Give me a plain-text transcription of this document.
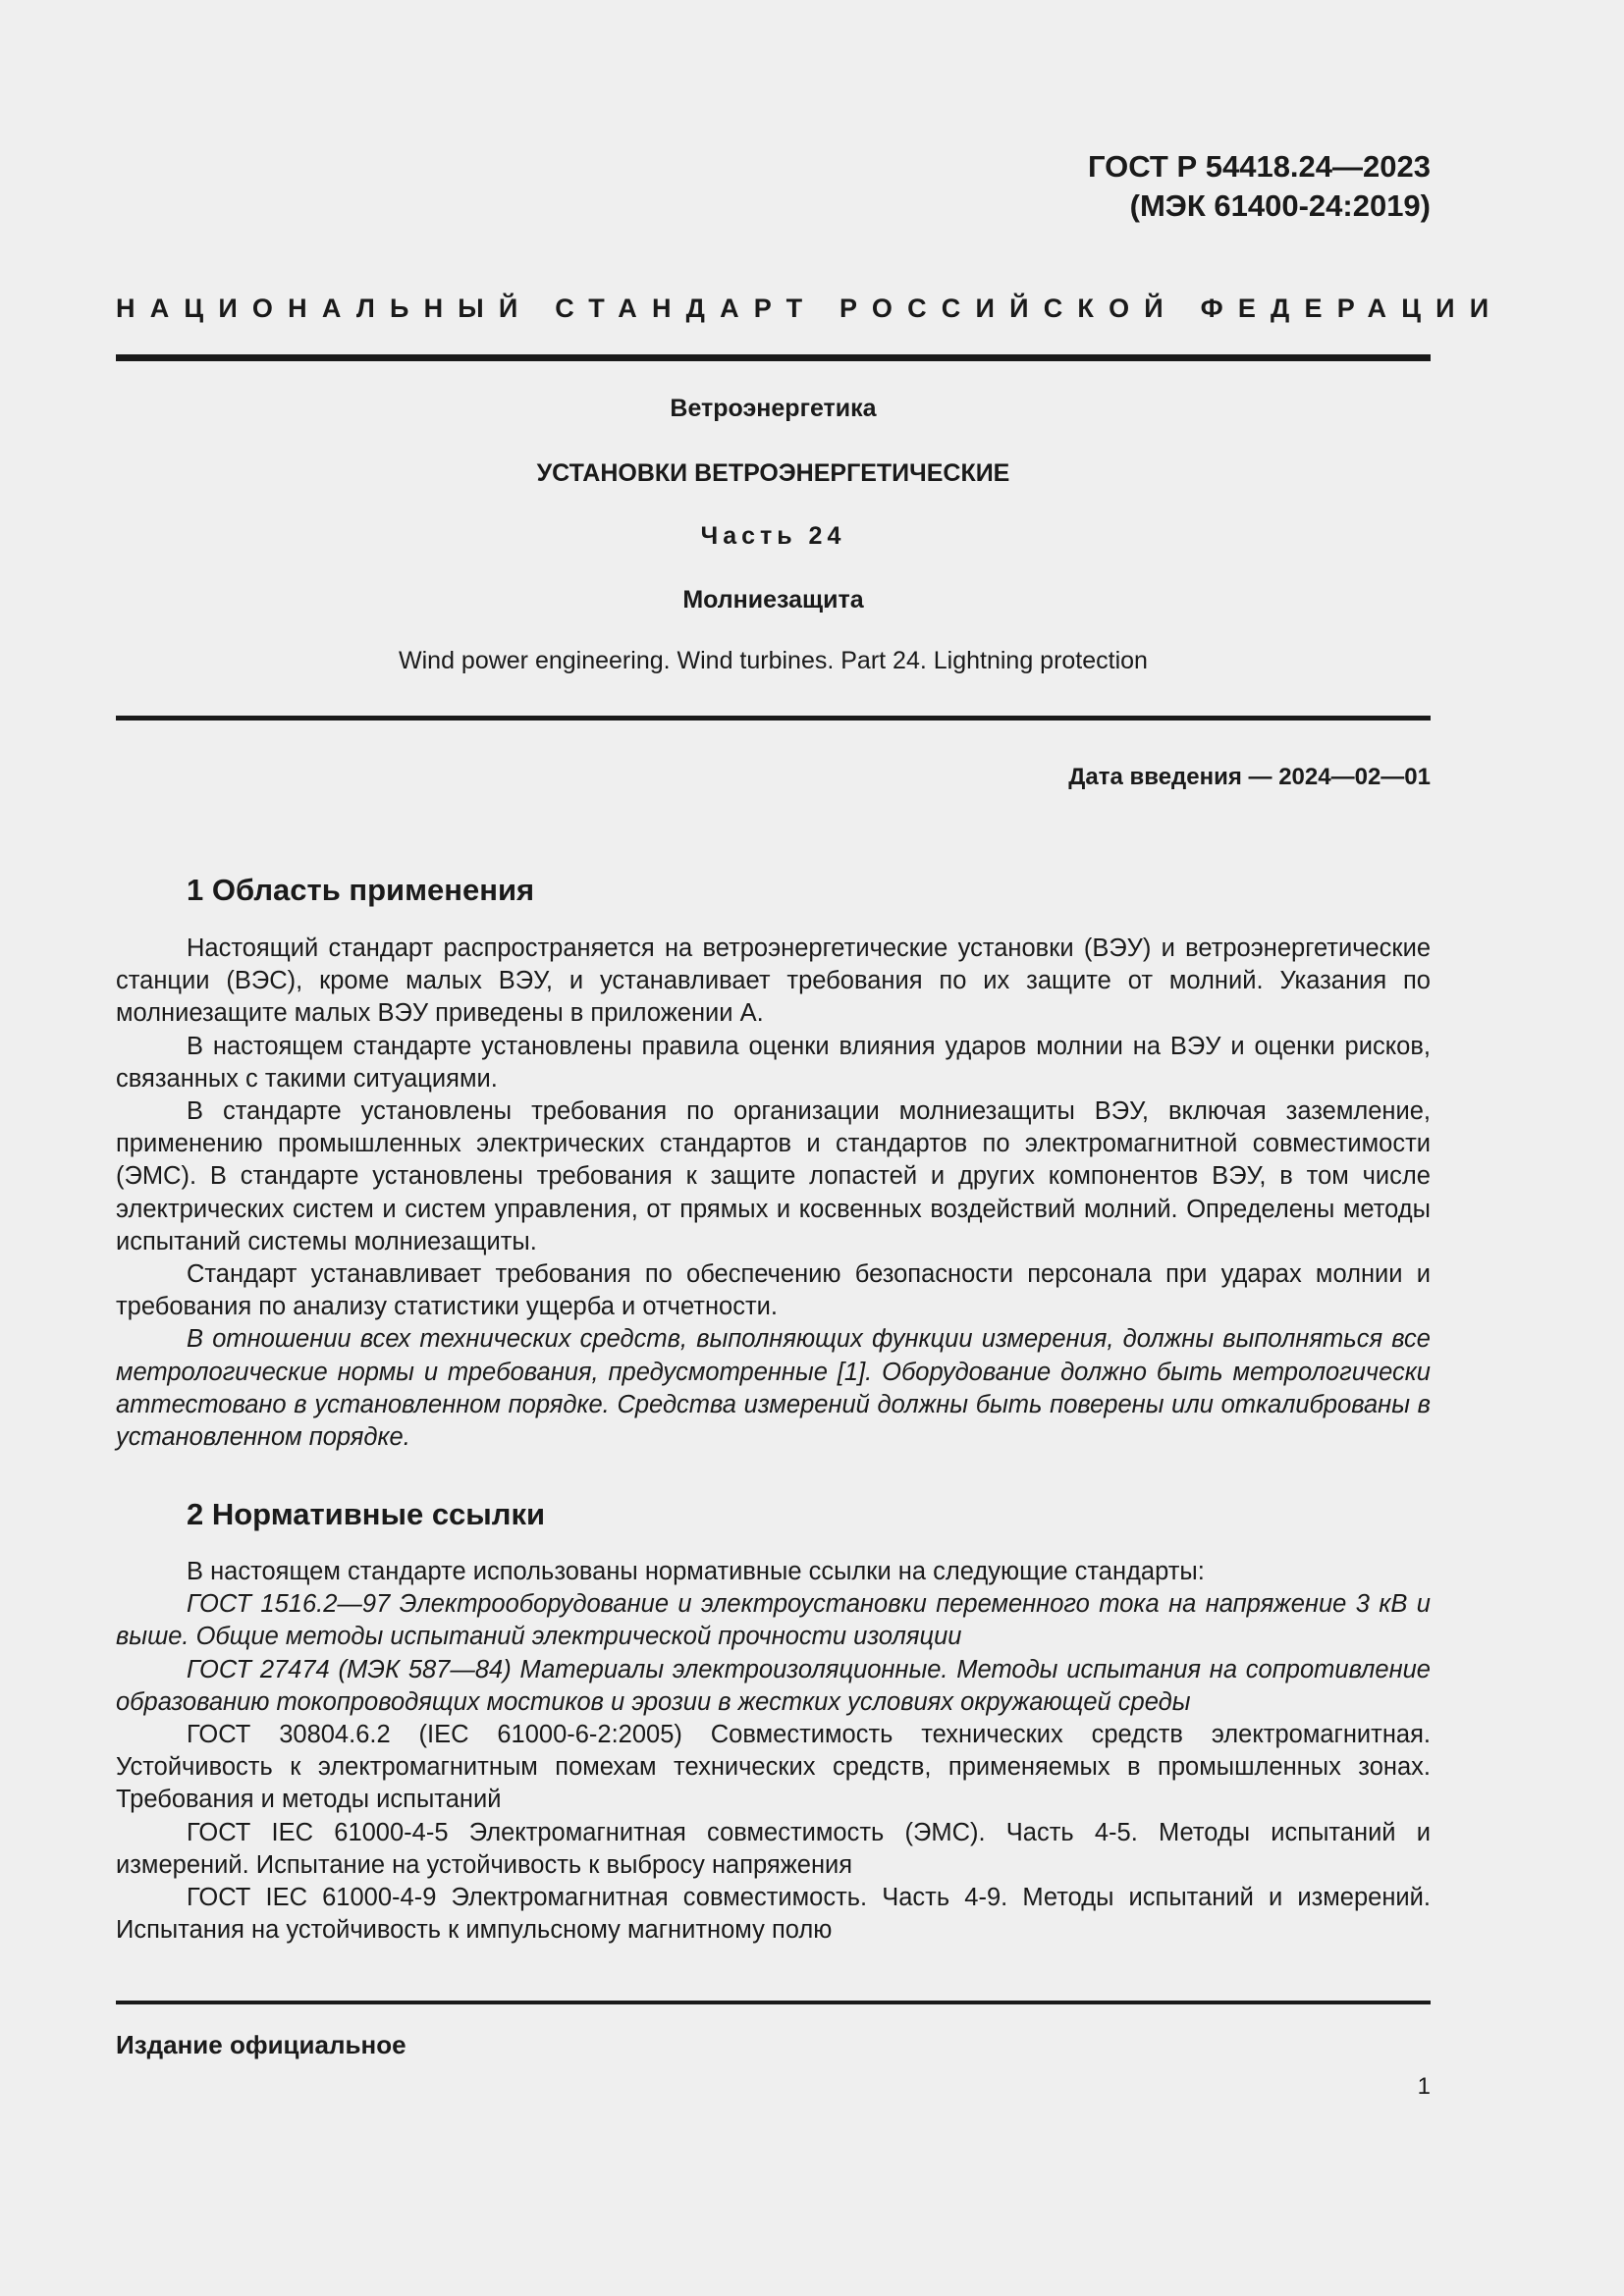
ГОСТ Р 54418.24—2023
(МЭК 61400-24:2019)
НАЦИОНАЛЬНЫЙ СТАНДАРТ РОССИЙСКОЙ ФЕДЕРАЦИИ
Ветроэнергетика
УСТАНОВКИ ВЕТРОЭНЕРГЕТИЧЕСКИЕ
Часть 24
Молниезащита
Wind power engineering. Wind turbines. Part 24. Lightning protection
Дата введения — 2024—02—01
1 Область применения

Настоящий стандарт распространяется на ветроэнергетические установки (ВЭУ) и ветроэнергетические станции (ВЭС), кроме малых ВЭУ, и устанавливает требования по их защите от молний. Указания по молниезащите малых ВЭУ приведены в приложении А.

В настоящем стандарте установлены правила оценки влияния ударов молнии на ВЭУ и оценки рисков, связанных с такими ситуациями.

В стандарте установлены требования по организации молниезащиты ВЭУ, включая заземление, применению промышленных электрических стандартов и стандартов по электромагнитной совместимости (ЭМС). В стандарте установлены требования к защите лопастей и других компонентов ВЭУ, в том числе электрических систем и систем управления, от прямых и косвенных воздействий молний. Определены методы испытаний системы молниезащиты.

Стандарт устанавливает требования по обеспечению безопасности персонала при ударах молнии и требования по анализу статистики ущерба и отчетности.

В отношении всех технических средств, выполняющих функции измерения, должны выполняться все метрологические нормы и требования, предусмотренные [1]. Оборудование должно быть метрологически аттестовано в установленном порядке. Средства измерений должны быть поверены или откалиброваны в установленном порядке.

2 Нормативные ссылки

В настоящем стандарте использованы нормативные ссылки на следующие стандарты:

ГОСТ 1516.2—97 Электрооборудование и электроустановки переменного тока на напряжение 3 кВ и выше. Общие методы испытаний электрической прочности изоляции

ГОСТ 27474 (МЭК 587—84) Материалы электроизоляционные. Методы испытания на сопротивление образованию токопроводящих мостиков и эрозии в жестких условиях окружающей среды

ГОСТ 30804.6.2 (IEC 61000-6-2:2005) Совместимость технических средств электромагнитная. Устойчивость к электромагнитным помехам технических средств, применяемых в промышленных зонах. Требования и методы испытаний

ГОСТ IEC 61000-4-5 Электромагнитная совместимость (ЭМС). Часть 4-5. Методы испытаний и измерений. Испытание на устойчивость к выбросу напряжения

ГОСТ IEC 61000-4-9 Электромагнитная совместимость. Часть 4-9. Методы испытаний и измерений. Испытания на устойчивость к импульсному магнитному полю

Издание официальное
1
